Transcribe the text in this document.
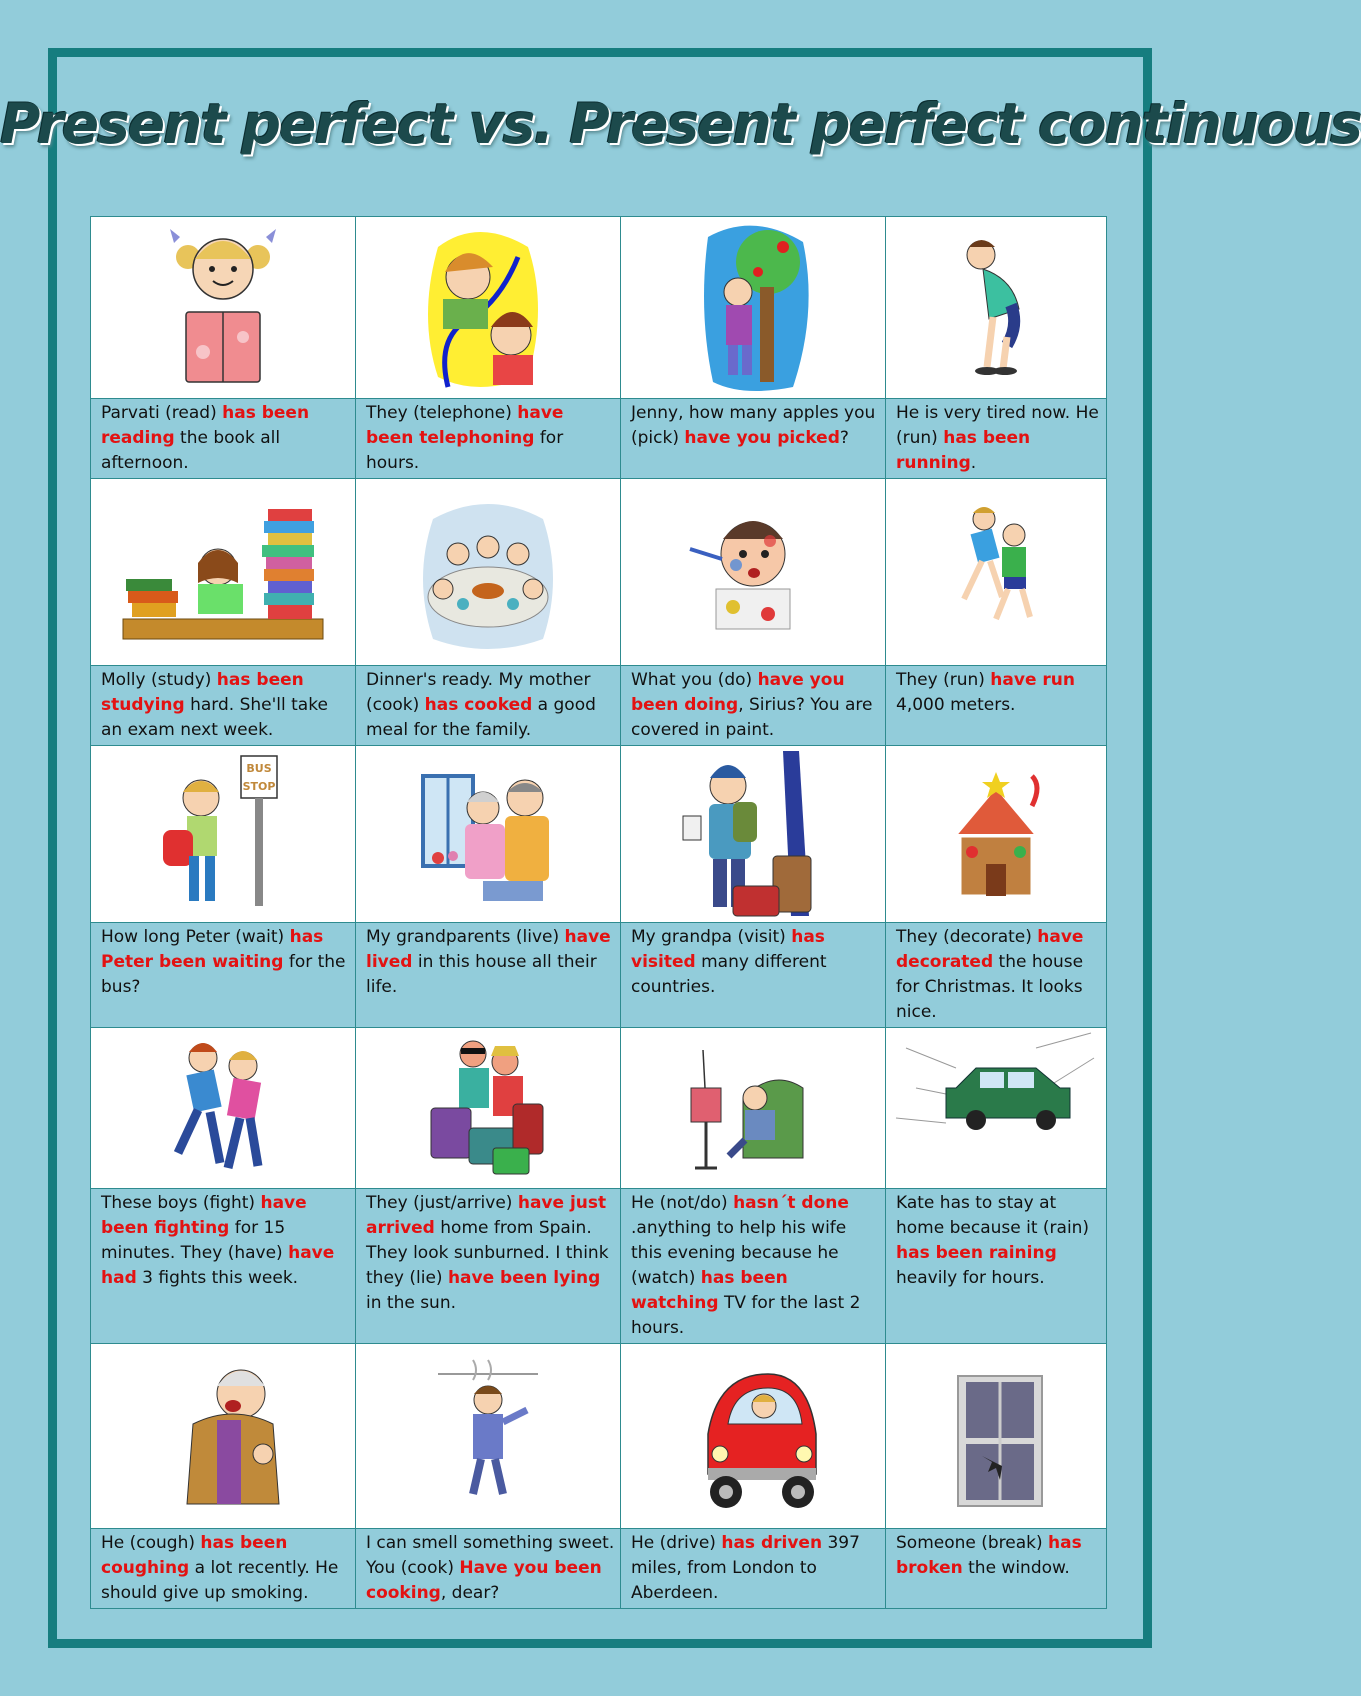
Present perfect vs. Present perfect continuous

Parvati (read) has been reading the book all afternoon.	They (telephone) have been telephoning for hours.	Jenny, how many apples you (pick) have you picked?	He is very tired now. He (run) has been running.

Molly (study) has been studying hard. She'll take an exam next week.	Dinner's ready. My mother (cook) has cooked a good meal for the family.	What you (do) have you been doing, Sirius? You are covered in paint.	They (run) have run 4,000 meters.

BUS
STOP

How long Peter (wait) has Peter been waiting for the bus?	My grandparents (live) have lived in this house all their life.	My grandpa (visit) has visited many different countries.	They (decorate) have decorated the house for Christmas. It looks nice.

These boys (fight) have been fighting for 15 minutes. They (have) have had 3 fights this week.	They (just/arrive) have just arrived home from Spain. They look sunburned. I think they (lie) have been lying in the sun.	He (not/do) hasn´t done .anything to help his wife this evening because he (watch) has been watching TV for the last 2 hours.	Kate has to stay at home because it (rain) has been raining heavily for hours.

He (cough) has been coughing a lot recently. He should give up smoking.	I can smell something sweet. You (cook) Have you been cooking, dear?	He (drive) has driven 397 miles, from London to Aberdeen.	Someone (break) has broken the window.
